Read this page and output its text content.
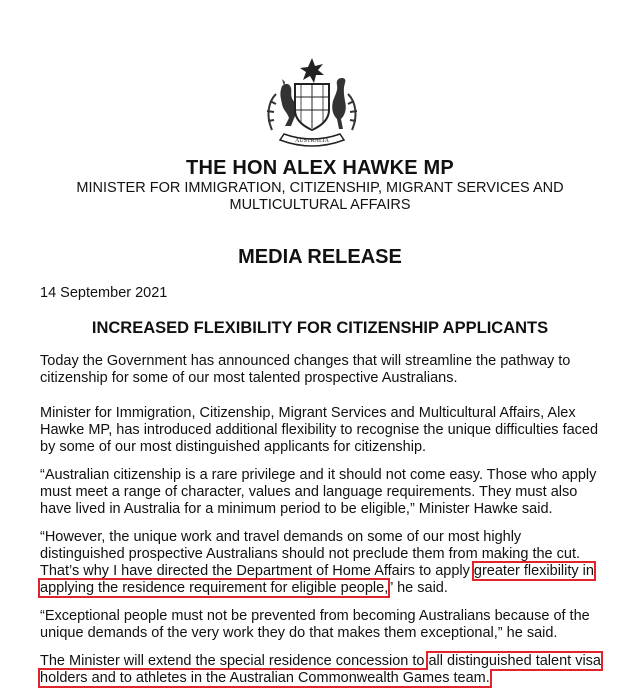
AUSTRALIA
THE HON ALEX HAWKE MP
MINISTER FOR IMMIGRATION, CITIZENSHIP, MIGRANT SERVICES AND MULTICULTURAL AFFAIRS
MEDIA RELEASE
14 September 2021
INCREASED FLEXIBILITY FOR CITIZENSHIP APPLICANTS

Today the Government has announced changes that will streamline the pathway to citizenship for some of our most talented prospective Australians.

Minister for Immigration, Citizenship, Migrant Services and Multicultural Affairs, Alex Hawke MP, has introduced additional flexibility to recognise the unique difficulties faced by some of our most distinguished applicants for citizenship.

“Australian citizenship is a rare privilege and it should not come easy. Those who apply must meet a range of character, values and language requirements. They must also have lived in Australia for a minimum period to be eligible,” Minister Hawke said.

“However, the unique work and travel demands on some of our most highly distinguished prospective Australians should not preclude them from making the cut. That’s why I have directed the Department of Home Affairs to apply greater flexibility in applying the residence requirement for eligible people,” he said.

“Exceptional people must not be prevented from becoming Australians because of the unique demands of the very work they do that makes them exceptional,” he said.

The Minister will extend the special residence concession to all distinguished talent visa holders and to athletes in the Australian Commonwealth Games team.
